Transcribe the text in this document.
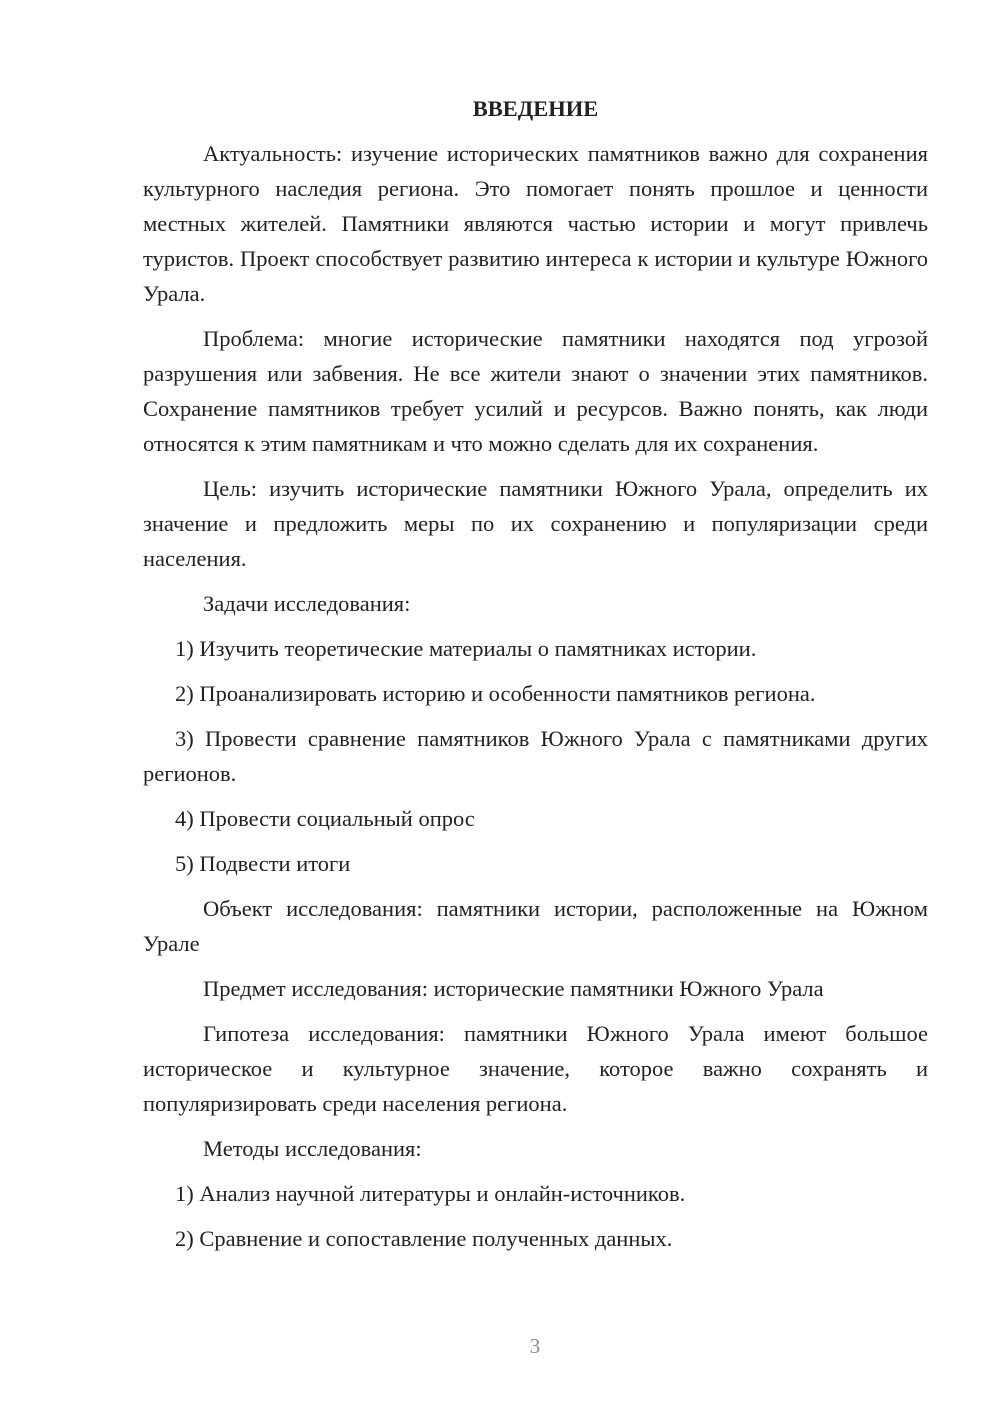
ВВЕДЕНИЕ

Актуальность: изучение исторических памятников важно для сохранения культурного наследия региона. Это помогает понять прошлое и ценности местных жителей. Памятники являются частью истории и могут привлечь туристов. Проект способствует развитию интереса к истории и культуре Южного Урала.

Проблема: многие исторические памятники находятся под угрозой разрушения или забвения. Не все жители знают о значении этих памятников. Сохранение памятников требует усилий и ресурсов. Важно понять, как люди относятся к этим памятникам и что можно сделать для их сохранения.

Цель: изучить исторические памятники Южного Урала, определить их значение и предложить меры по их сохранению и популяризации среди населения.

Задачи исследования:

1) Изучить теоретические материалы о памятниках истории.

2) Проанализировать историю и особенности памятников региона.

3) Провести сравнение памятников Южного Урала с памятниками других регионов.

4) Провести социальный опрос

5) Подвести итоги

Объект исследования: памятники истории, расположенные на Южном Урале

Предмет исследования: исторические памятники Южного Урала

Гипотеза исследования: памятники Южного Урала имеют большое историческое и культурное значение, которое важно сохранять и популяризировать среди населения региона.

Методы исследования:

1) Анализ научной литературы и онлайн-источников.

2) Сравнение и сопоставление полученных данных.

3
